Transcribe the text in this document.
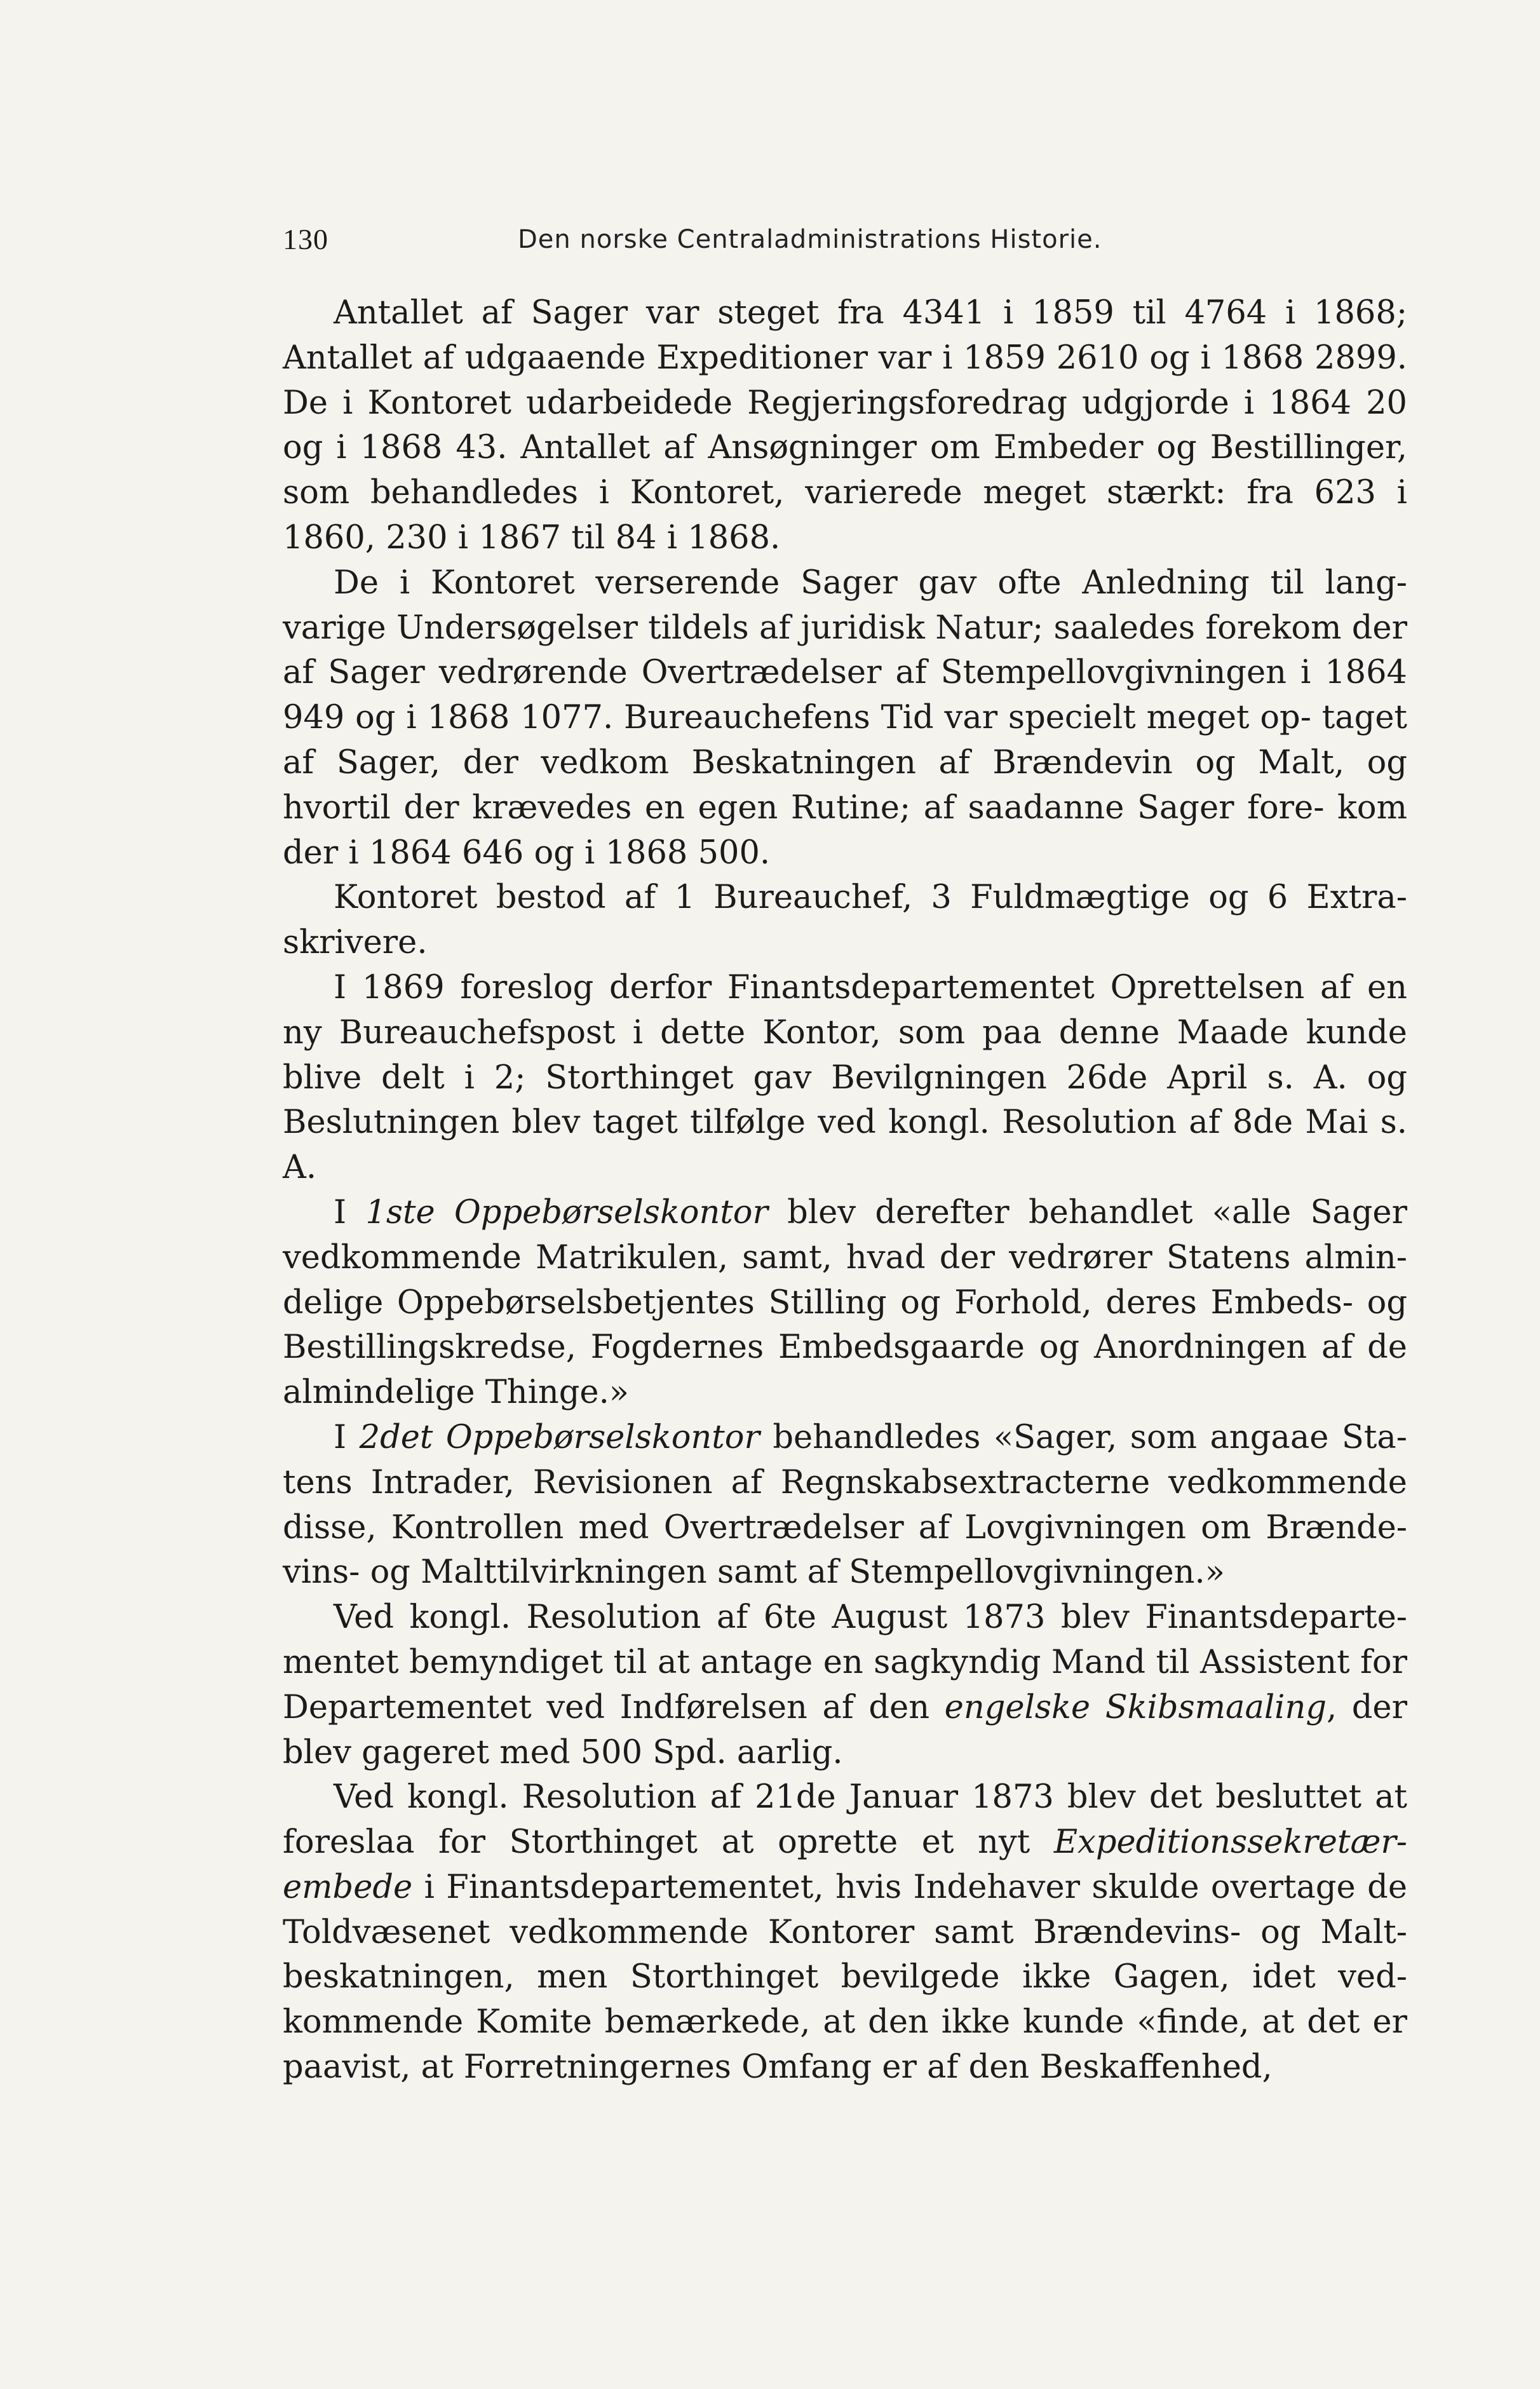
130	Den norske Centraladministrations Historie.

Antallet af Sager var steget fra 4341 i 1859 til 4764 i 1868; Antallet af udgaaende Expeditioner var i 1859 2610 og i 1868 2899. De i Kontoret udarbeidede Regjeringsforedrag udgjorde i 1864 20 og i 1868 43. Antallet af Ansøgninger om Embeder og Bestillinger, som behandledes i Kontoret, varierede meget stærkt: fra 623 i 1860, 230 i 1867 til 84 i 1868.

De i Kontoret verserende Sager gav ofte Anledning til lang- varige Undersøgelser tildels af juridisk Natur; saaledes forekom der af Sager vedrørende Overtrædelser af Stempellovgivningen i 1864 949 og i 1868 1077. Bureauchefens Tid var specielt meget op- taget af Sager, der vedkom Beskatningen af Brændevin og Malt, og hvortil der krævedes en egen Rutine; af saadanne Sager fore- kom der i 1864 646 og i 1868 500.

Kontoret bestod af 1 Bureauchef, 3 Fuldmægtige og 6 Extra- skrivere.

I 1869 foreslog derfor Finantsdepartementet Oprettelsen af en ny Bureauchefspost i dette Kontor, som paa denne Maade kunde blive delt i 2; Storthinget gav Bevilgningen 26de April s. A. og Beslutningen blev taget tilfølge ved kongl. Resolution af 8de Mai s. A.

I 1ste Oppebørselskontor blev derefter behandlet «alle Sager vedkommende Matrikulen, samt, hvad der vedrører Statens almin- delige Oppebørselsbetjentes Stilling og Forhold, deres Embeds- og Bestillingskredse, Fogdernes Embedsgaarde og Anordningen af de almindelige Thinge.»

I 2det Oppebørselskontor behandledes «Sager, som angaae Sta- tens Intrader, Revisionen af Regnskabsextracterne vedkommende disse, Kontrollen med Overtrædelser af Lovgivningen om Brænde- vins- og Malttilvirkningen samt af Stempellovgivningen.»

Ved kongl. Resolution af 6te August 1873 blev Finantsdeparte- mentet bemyndiget til at antage en sagkyndig Mand til Assistent for Departementet ved Indførelsen af den engelske Skibsmaaling, der blev gageret med 500 Spd. aarlig.

Ved kongl. Resolution af 21de Januar 1873 blev det besluttet at foreslaa for Storthinget at oprette et nyt Expeditionssekretær- embede i Finantsdepartementet, hvis Indehaver skulde overtage de Toldvæsenet vedkommende Kontorer samt Brændevins- og Malt- beskatningen, men Storthinget bevilgede ikke Gagen, idet ved- kommende Komite bemærkede, at den ikke kunde «finde, at det er paavist, at Forretningernes Omfang er af den Beskaffenhed,
